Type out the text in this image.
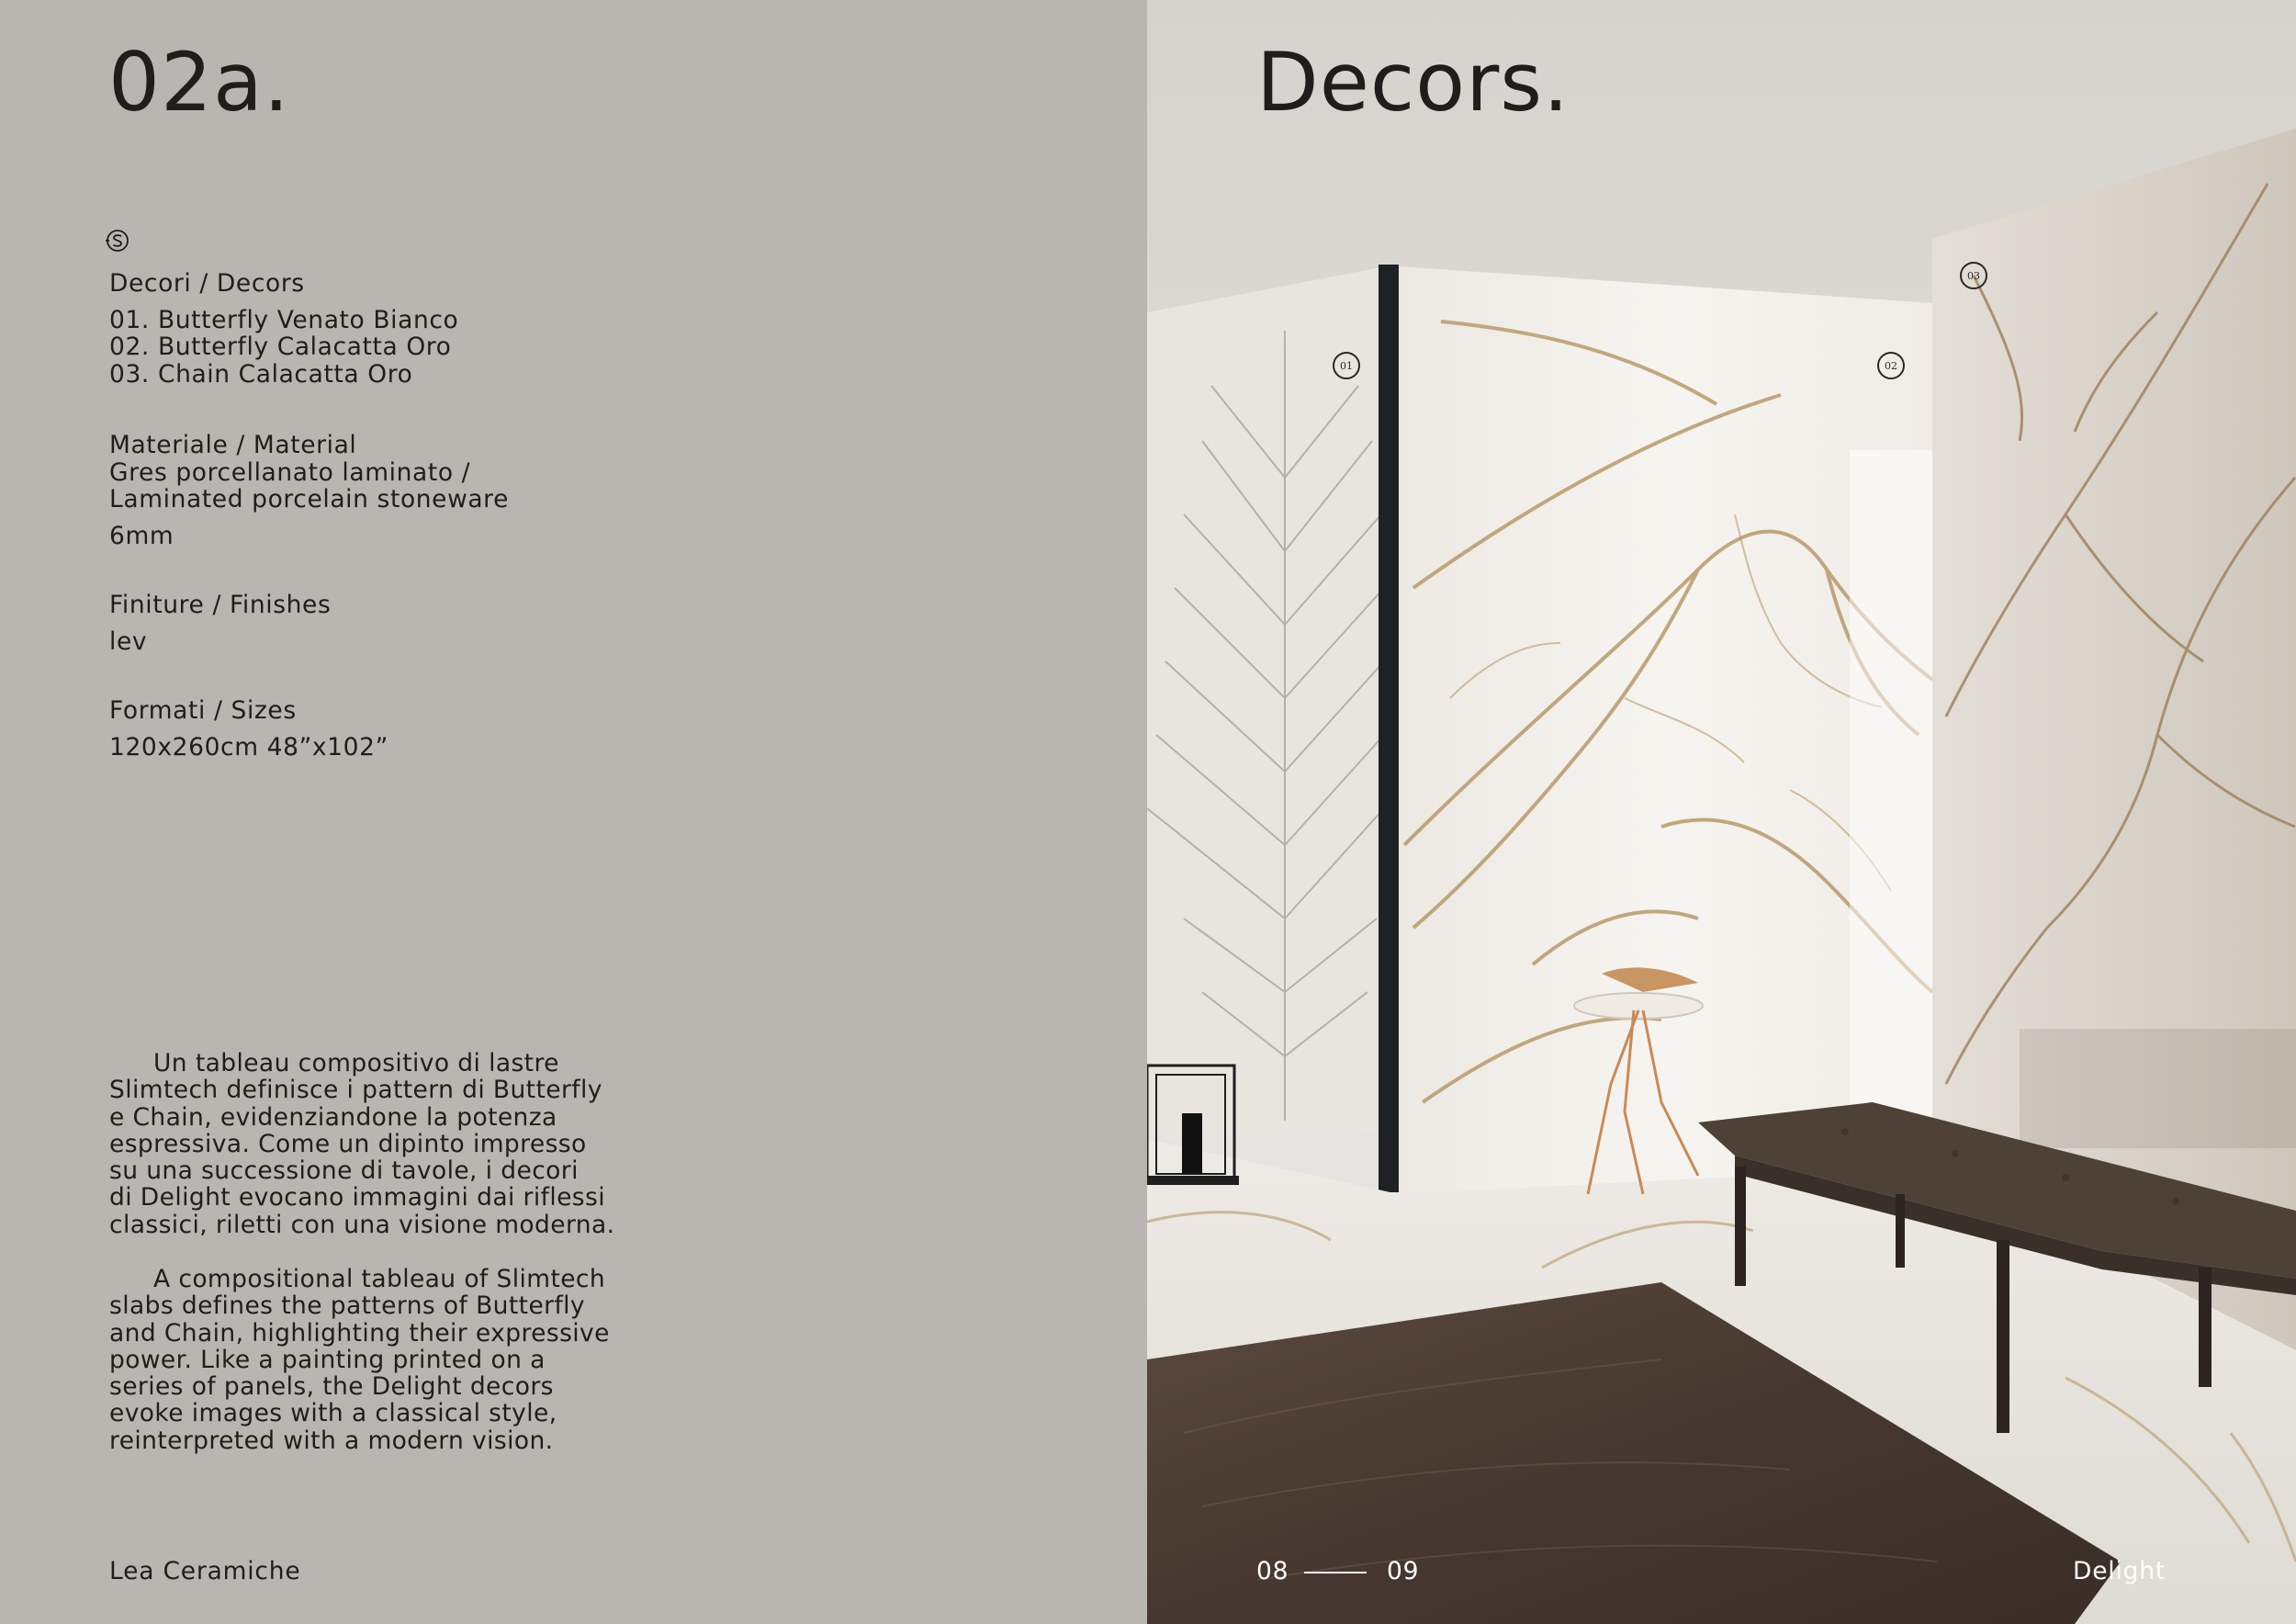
02a.

Decori / Decors

01. Butterfly Venato Bianco

02. Butterfly Calacatta Oro

03. Chain Calacatta Oro

Materiale / Material

Gres porcellanato laminato /

Laminated porcelain stoneware

6mm

Finiture / Finishes

lev

Formati / Sizes

120x260cm 48”x102”

Un tableau compositivo di lastre
Slimtech definisce i pattern di Butterfly
e Chain, evidenziandone la potenza
espressiva. Come un dipinto impresso
su una successione di tavole, i decori
di Delight evocano immagini dai riflessi
classici, riletti con una visione moderna.
A compositional tableau of Slimtech
slabs defines the patterns of Butterfly
and Chain, highlighting their expressive
power. Like a painting printed on a
series of panels, the Delight decors
evoke images with a classical style,
reinterpreted with a modern vision.
Lea Ceramiche
01	02
03
Decors.
08	09	Delight
